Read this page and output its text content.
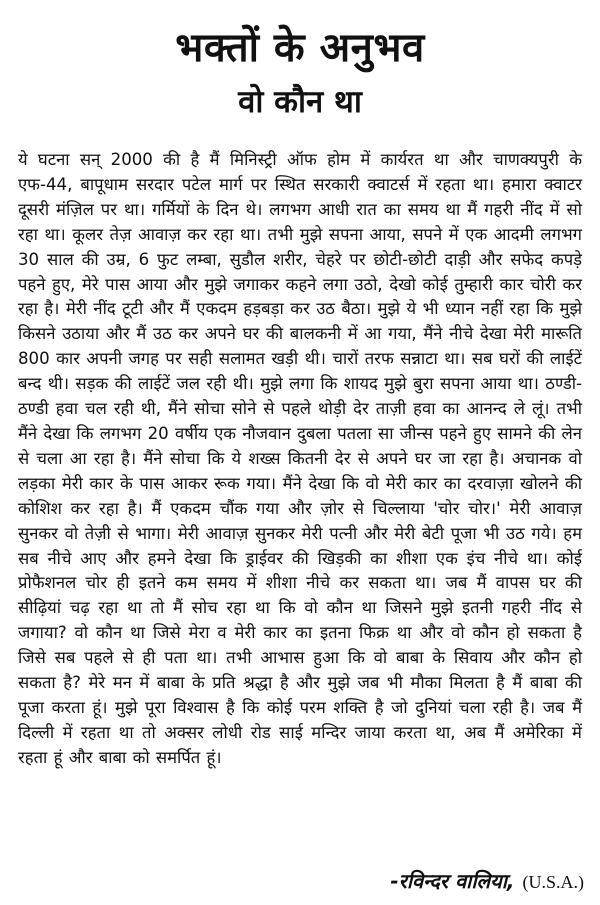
भक्तों के अनुभव
वो कौन था

ये घटना सन् 2000 की है मैं मिनिस्ट्री ऑफ होम में कार्यरत था और चाणक्यपुरी के एफ-44, बापूधाम सरदार पटेल मार्ग पर स्थित सरकारी क्वाटर्स में रहता था। हमारा क्वाटर दूसरी मंज़िल पर था। गर्मियों के दिन थे। लगभग आधी रात का समय था मैं गहरी नींद में सो रहा था। कूलर तेज़ आवाज़ कर रहा था। तभी मुझे सपना आया, सपने में एक आदमी लगभग 30 साल की उम्र, 6 फुट लम्बा, सुडौल शरीर, चेहरे पर छोटी-छोटी दाड़ी और सफेद कपड़े पहने हुए, मेरे पास आया और मुझे जगाकर कहने लगा उठो, देखो कोई तुम्हारी कार चोरी कर रहा है। मेरी नींद टूटी और मैं एकदम हड़बड़ा कर उठ बैठा। मुझे ये भी ध्यान नहीं रहा कि मुझे किसने उठाया और मैं उठ कर अपने घर की बालकनी में आ गया, मैंने नीचे देखा मेरी मारूति 800 कार अपनी जगह पर सही सलामत खड़ी थी। चारों तरफ सन्नाटा था। सब घरों की लाईटें बन्द थी। सड़क की लाईटें जल रही थी। मुझे लगा कि शायद मुझे बुरा सपना आया था। ठण्डी-ठण्डी हवा चल रही थी, मैंने सोचा सोने से पहले थोड़ी देर ताज़ी हवा का आनन्द ले लूं। तभी मैंने देखा कि लगभग 20 वर्षीय एक नौजवान दुबला पतला सा जीन्स पहने हुए सामने की लेन से चला आ रहा है। मैंने सोचा कि ये शख्स कितनी देर से अपने घर जा रहा है। अचानक वो लड़का मेरी कार के पास आकर रूक गया। मैंने देखा कि वो मेरी कार का दरवाज़ा खोलने की कोशिश कर रहा है। मैं एकदम चौंक गया और ज़ोर से चिल्लाया 'चोर चोर।' मेरी आवाज़ सुनकर वो तेज़ी से भागा। मेरी आवाज़ सुनकर मेरी पत्नी और मेरी बेटी पूजा भी उठ गये। हम सब नीचे आए और हमने देखा कि ड्राईवर की खिड़की का शीशा एक इंच नीचे था। कोई प्रोफैशनल चोर ही इतने कम समय में शीशा नीचे कर सकता था। जब मैं वापस घर की सीढ़ियां चढ़ रहा था तो मैं सोच रहा था कि वो कौन था जिसने मुझे इतनी गहरी नींद से जगाया? वो कौन था जिसे मेरा व मेरी कार का इतना फिक्र था और वो कौन हो सकता है जिसे सब पहले से ही पता था। तभी आभास हुआ कि वो बाबा के सिवाय और कौन हो सकता है? मेरे मन में बाबा के प्रति श्रद्धा है और मुझे जब भी मौका मिलता है मैं बाबा की पूजा करता हूं। मुझे पूरा विश्वास है कि कोई परम शक्ति है जो दुनियां चला रही है। जब मैं दिल्ली में रहता था तो अक्सर लोधी रोड साई मन्दिर जाया करता था, अब मैं अमेरिका में रहता हूं और बाबा को समर्पित हूं।

-रविन्दर वालिया, (U.S.A.)
